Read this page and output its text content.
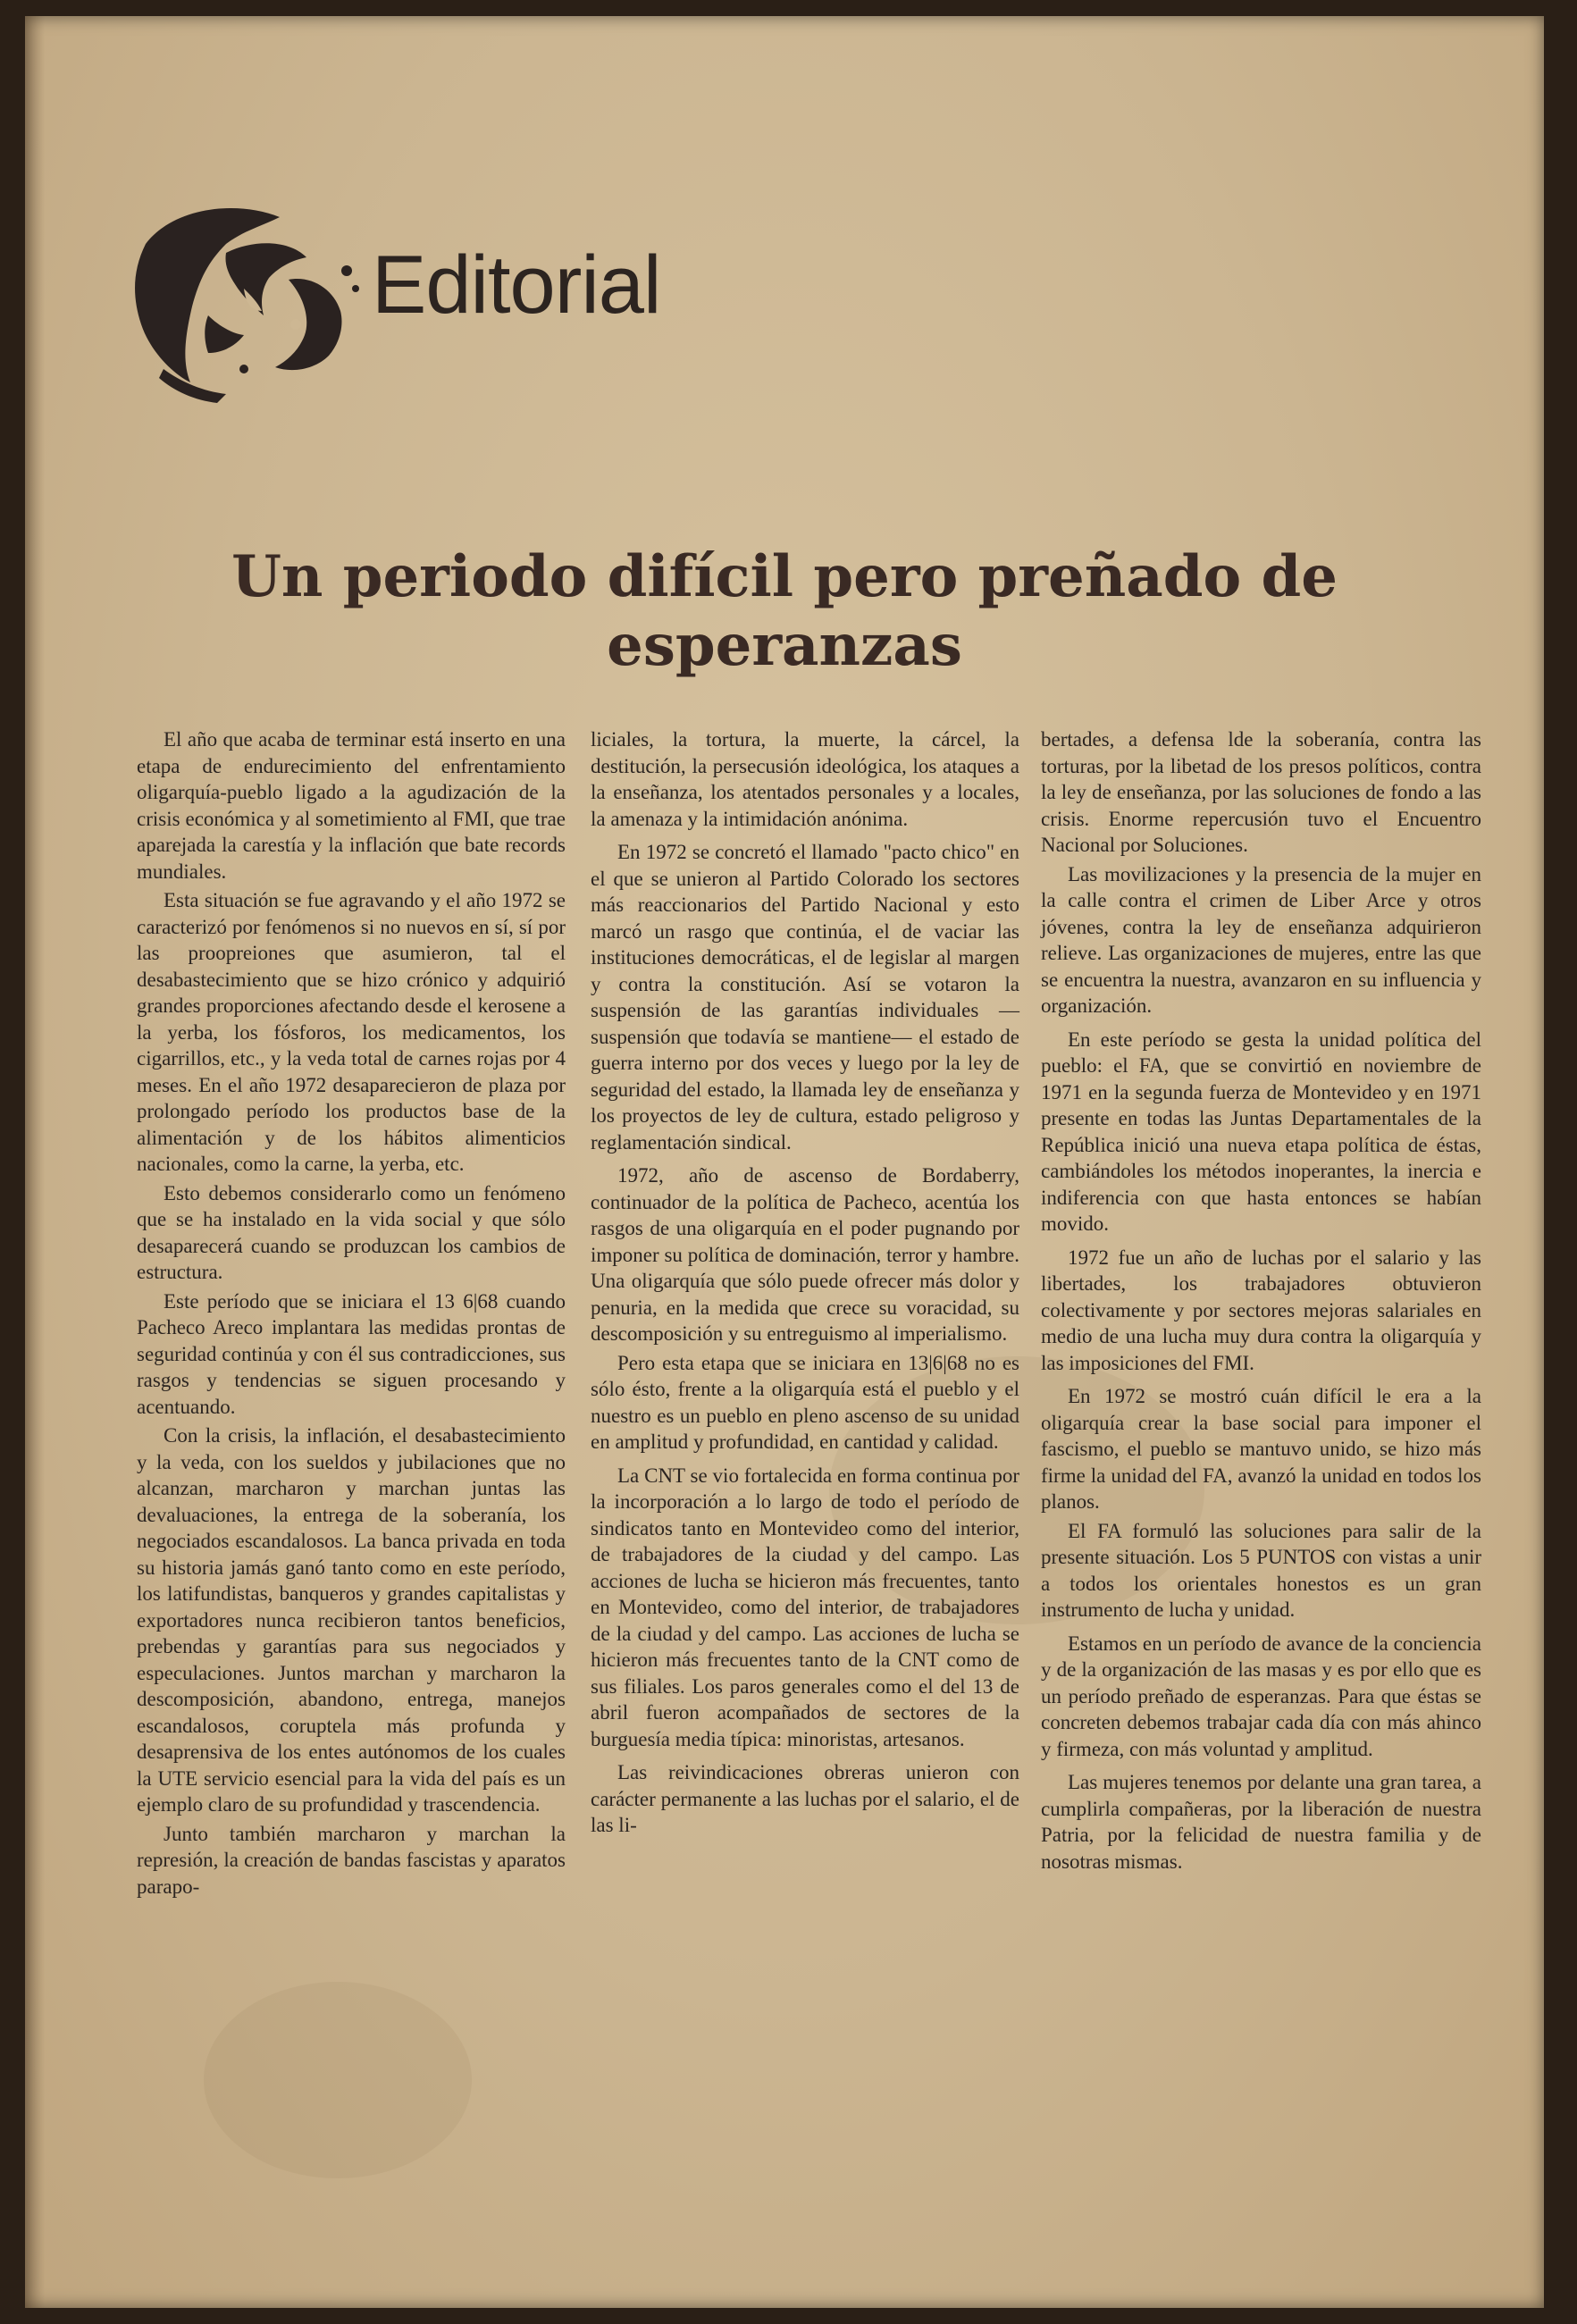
Editorial
Un periodo difícil pero preñado de esperanzas

El año que acaba de terminar está inserto en una etapa de endurecimiento del enfrentamiento oligarquía-pueblo ligado a la agudización de la crisis económica y al sometimiento al FMI, que trae aparejada la carestía y la inflación que bate records mundiales.

Esta situación se fue agravando y el año 1972 se caracterizó por fenómenos si no nuevos en sí, sí por las proopreiones que asumieron, tal el desabastecimiento que se hizo crónico y adquirió grandes proporciones afectando desde el kerosene a la yerba, los fósforos, los medicamentos, los cigarrillos, etc., y la veda total de carnes rojas por 4 meses. En el año 1972 desaparecieron de plaza por prolongado período los productos base de la alimentación y de los hábitos alimenticios nacionales, como la carne, la yerba, etc.

Esto debemos considerarlo como un fenómeno que se ha instalado en la vida social y que sólo desaparecerá cuando se produzcan los cambios de estructura.

Este período que se iniciara el 13 6|68 cuando Pacheco Areco implantara las medidas prontas de seguridad continúa y con él sus contradicciones, sus rasgos y tendencias se siguen procesando y acentuando.

Con la crisis, la inflación, el desabastecimiento y la veda, con los sueldos y jubilaciones que no alcanzan, marcharon y marchan juntas las devaluaciones, la entrega de la soberanía, los negociados escandalosos. La banca privada en toda su historia jamás ganó tanto como en este período, los latifundistas, banqueros y grandes capitalistas y exportadores nunca recibieron tantos beneficios, prebendas y garantías para sus negociados y especulaciones. Juntos marchan y marcharon la descomposición, abandono, entrega, manejos escandalosos, coruptela más profunda y desaprensiva de los entes autónomos de los cuales la UTE servicio esencial para la vida del país es un ejemplo claro de su profundidad y trascendencia.

Junto también marcharon y marchan la represión, la creación de bandas fascistas y aparatos parapo-

liciales, la tortura, la muerte, la cárcel, la destitución, la persecusión ideológica, los ataques a la enseñanza, los atentados personales y a locales, la amenaza y la intimidación anónima.

En 1972 se concretó el llamado "pacto chico" en el que se unieron al Partido Colorado los sectores más reaccionarios del Partido Nacional y esto marcó un rasgo que continúa, el de vaciar las instituciones democráticas, el de legislar al margen y contra la constitución. Así se votaron la suspensión de las garantías individuales —suspensión que todavía se mantiene— el estado de guerra interno por dos veces y luego por la ley de seguridad del estado, la llamada ley de enseñanza y los proyectos de ley de cultura, estado peligroso y reglamentación sindical.

1972, año de ascenso de Bordaberry, continuador de la política de Pacheco, acentúa los rasgos de una oligarquía en el poder pugnando por imponer su política de dominación, terror y hambre. Una oligarquía que sólo puede ofrecer más dolor y penuria, en la medida que crece su voracidad, su descomposición y su entreguismo al imperialismo.

Pero esta etapa que se iniciara en 13|6|68 no es sólo ésto, frente a la oligarquía está el pueblo y el nuestro es un pueblo en pleno ascenso de su unidad en amplitud y profundidad, en cantidad y calidad.

La CNT se vio fortalecida en forma continua por la incorporación a lo largo de todo el período de sindicatos tanto en Montevideo como del interior, de trabajadores de la ciudad y del campo. Las acciones de lucha se hicieron más frecuentes, tanto en Montevideo, como del interior, de trabajadores de la ciudad y del campo. Las acciones de lucha se hicieron más frecuentes tanto de la CNT como de sus filiales. Los paros generales como el del 13 de abril fueron acompañados de sectores de la burguesía media típica: minoristas, artesanos.

Las reivindicaciones obreras unieron con carácter permanente a las luchas por el salario, el de las li-

bertades, a defensa lde la soberanía, contra las torturas, por la libetad de los presos políticos, contra la ley de enseñanza, por las soluciones de fondo a las crisis. Enorme repercusión tuvo el Encuentro Nacional por Soluciones.

Las movilizaciones y la presencia de la mujer en la calle contra el crimen de Liber Arce y otros jóvenes, contra la ley de enseñanza adquirieron relieve. Las organizaciones de mujeres, entre las que se encuentra la nuestra, avanzaron en su influencia y organización.

En este período se gesta la unidad política del pueblo: el FA, que se convirtió en noviembre de 1971 en la segunda fuerza de Montevideo y en 1971 presente en todas las Juntas Departamentales de la República inició una nueva etapa política de éstas, cambiándoles los métodos inoperantes, la inercia e indiferencia con que hasta entonces se habían movido.

1972 fue un año de luchas por el salario y las libertades, los trabajadores obtuvieron colectivamente y por sectores mejoras salariales en medio de una lucha muy dura contra la oligarquía y las imposiciones del FMI.

En 1972 se mostró cuán difícil le era a la oligarquía crear la base social para imponer el fascismo, el pueblo se mantuvo unido, se hizo más firme la unidad del FA, avanzó la unidad en todos los planos.

El FA formuló las soluciones para salir de la presente situación. Los 5 PUNTOS con vistas a unir a todos los orientales honestos es un gran instrumento de lucha y unidad.

Estamos en un período de avance de la conciencia y de la organización de las masas y es por ello que es un período preñado de esperanzas. Para que éstas se concreten debemos trabajar cada día con más ahinco y firmeza, con más voluntad y amplitud.

Las mujeres tenemos por delante una gran tarea, a cumplirla compañeras, por la liberación de nuestra Patria, por la felicidad de nuestra familia y de nosotras mismas.
